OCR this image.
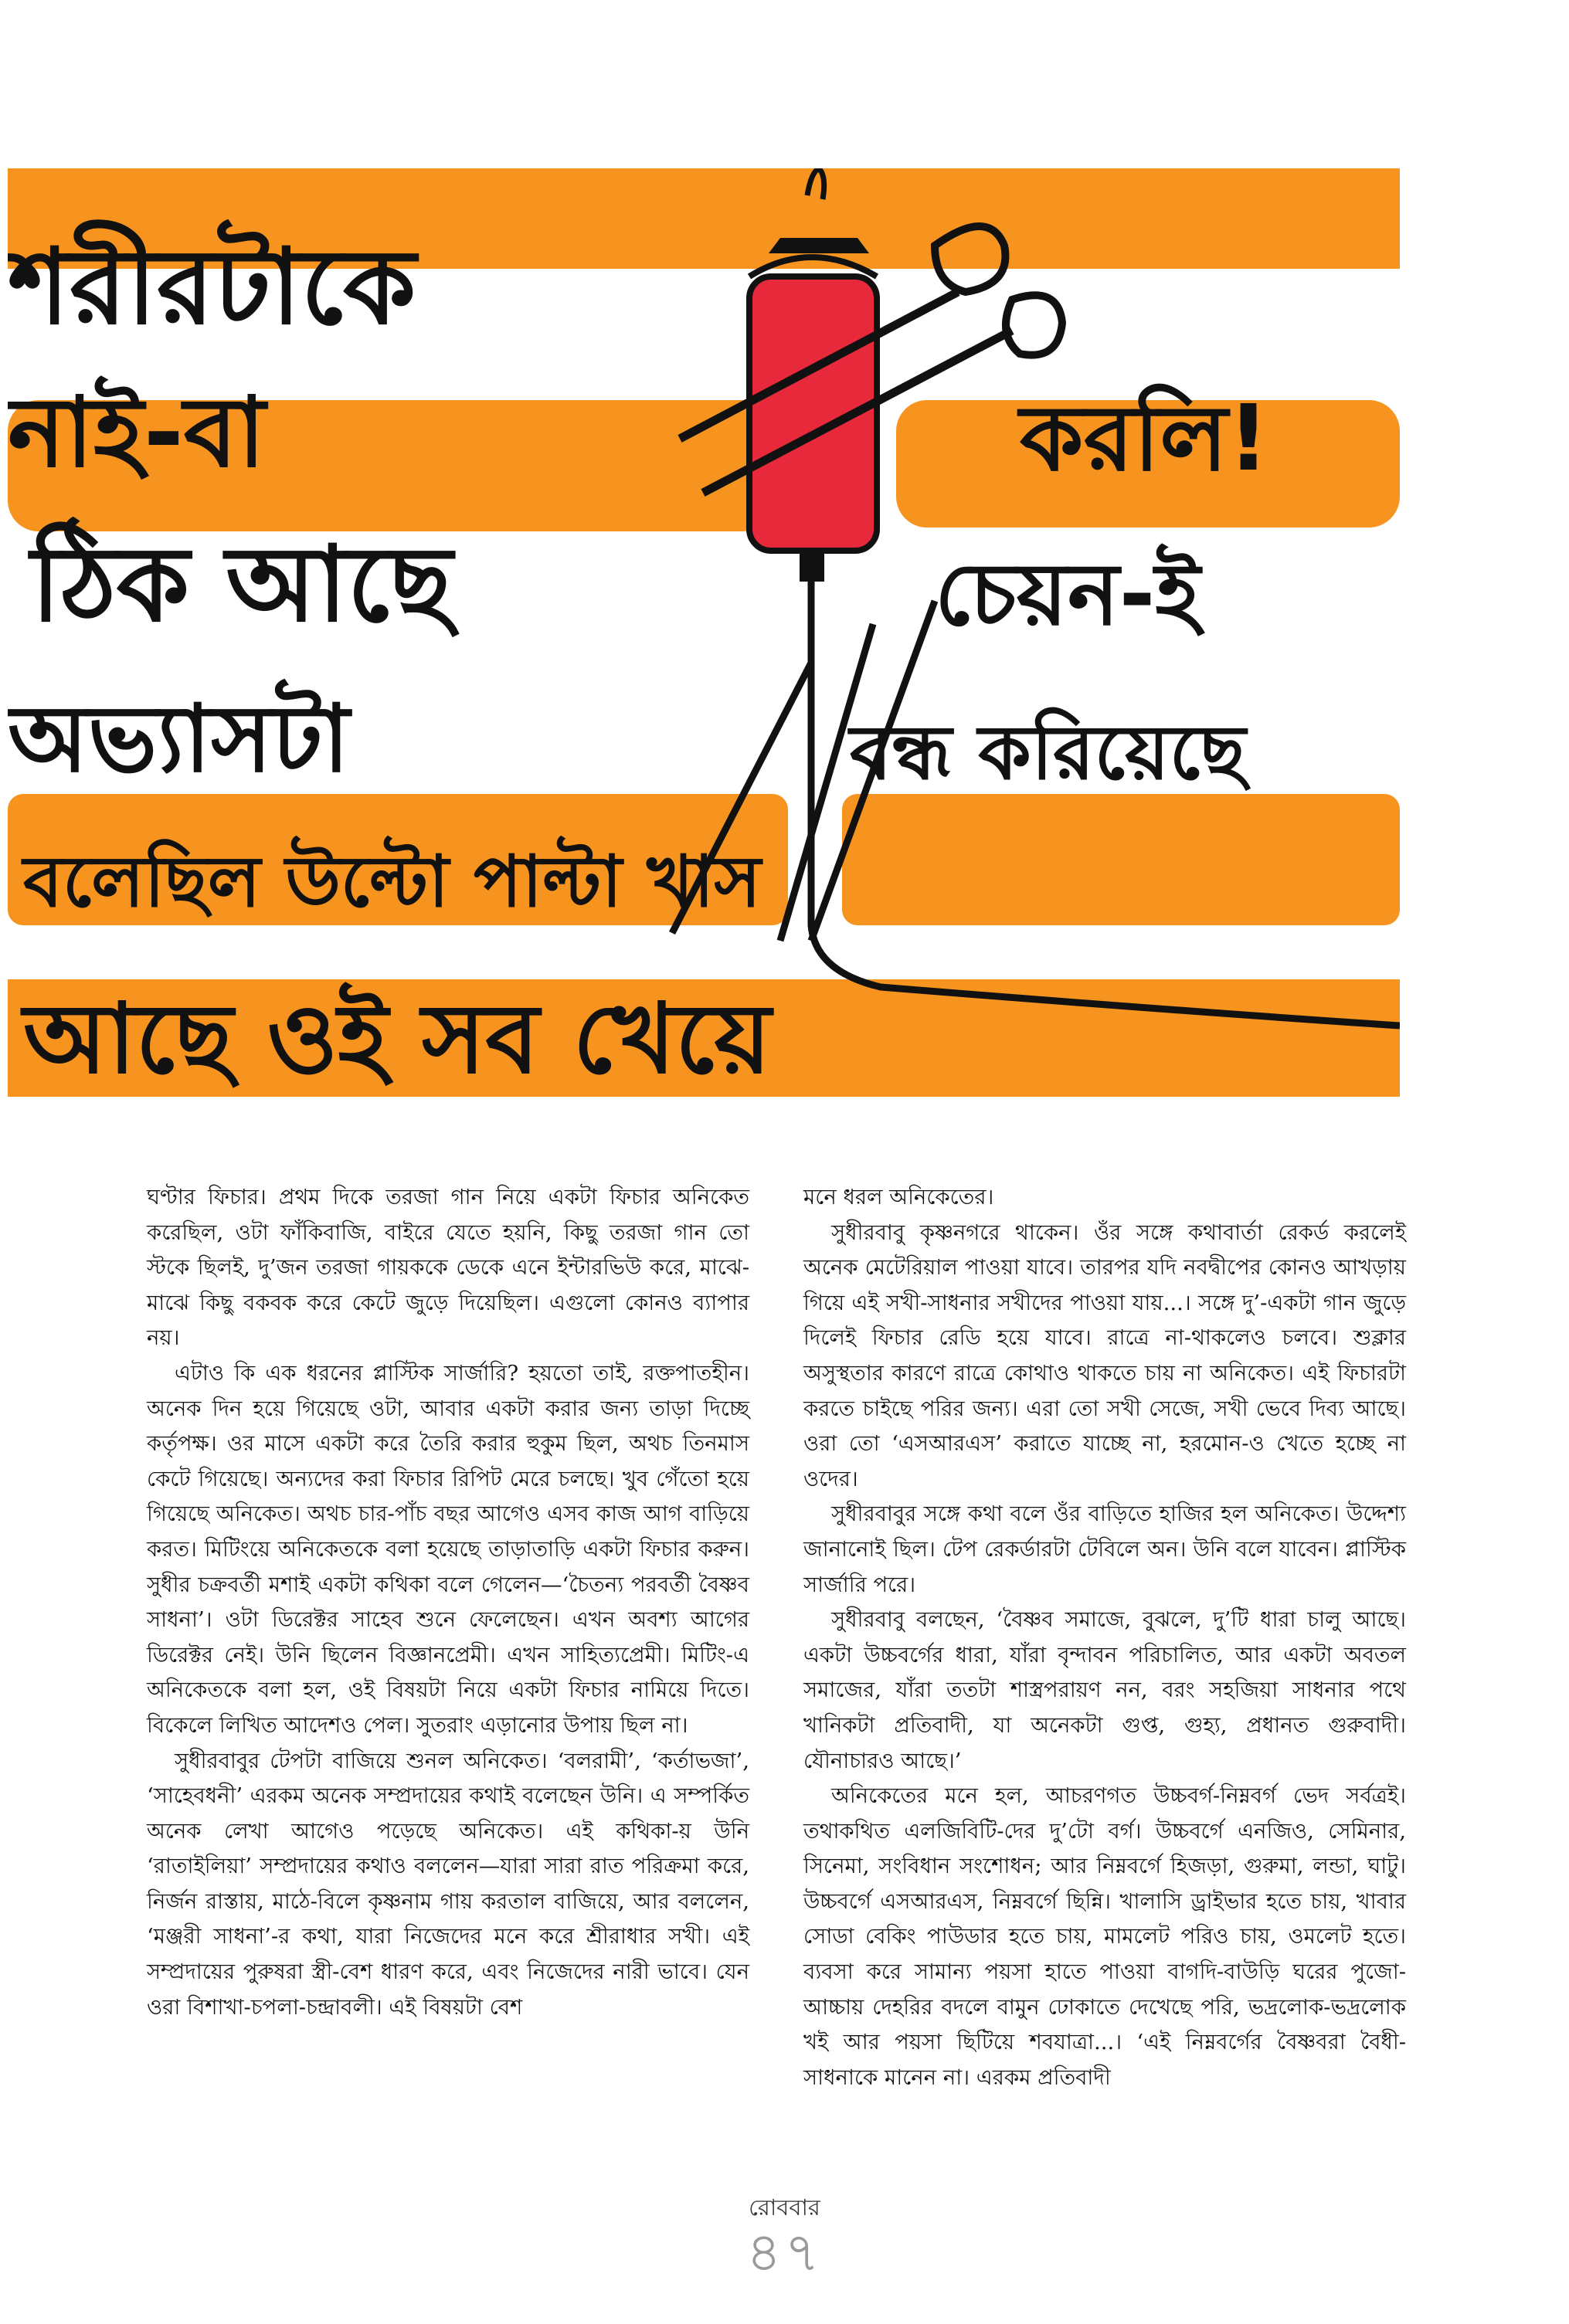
শরীরটাকে
নাই-বা
ঠিক আছে
অভ্যাসটা
বলেছিল উল্টো পাল্টা খাস
আছে ওই সব খেয়ে
করলি!
চেয়ন-ই
বন্ধ করিয়েছে

ঘণ্টার ফিচার। প্রথম দিকে তরজা গান নিয়ে একটা ফিচার অনিকেত করেছিল, ওটা ফাঁকিবাজি, বাইরে যেতে হয়নি, কিছু তরজা গান তো স্টকে ছিলই, দু’জন তরজা গায়ককে ডেকে এনে ইন্টারভিউ করে, মাঝে-মাঝে কিছু বকবক করে কেটে জুড়ে দিয়েছিল। এগুলো কোনও ব্যাপার নয়।

এটাও কি এক ধরনের প্লাস্টিক সার্জারি? হয়তো তাই, রক্তপাতহীন। অনেক দিন হয়ে গিয়েছে ওটা, আবার একটা করার জন্য তাড়া দিচ্ছে কর্তৃপক্ষ। ওর মাসে একটা করে তৈরি করার হুকুম ছিল, অথচ তিনমাস কেটে গিয়েছে। অন্যদের করা ফিচার রিপিট মেরে চলছে। খুব গেঁতো হয়ে গিয়েছে অনিকেত। অথচ চার-পাঁচ বছর আগেও এসব কাজ আগ বাড়িয়ে করত। মিটিংয়ে অনিকেতকে বলা হয়েছে তাড়াতাড়ি একটা ফিচার করুন। সুধীর চক্রবর্তী মশাই একটা কথিকা বলে গেলেন—‘চৈতন্য পরবর্তী বৈষ্ণব সাধনা’। ওটা ডিরেক্টর সাহেব শুনে ফেলেছেন। এখন অবশ্য আগের ডিরেক্টর নেই। উনি ছিলেন বিজ্ঞানপ্রেমী। এখন সাহিত্যপ্রেমী। মিটিং-এ অনিকেতকে বলা হল, ওই বিষয়টা নিয়ে একটা ফিচার নামিয়ে দিতে। বিকেলে লিখিত আদেশও পেল। সুতরাং এড়ানোর উপায় ছিল না।

সুধীরবাবুর টেপটা বাজিয়ে শুনল অনিকেত। ‘বলরামী’, ‘কর্তাভজা’, ‘সাহেবধনী’ এরকম অনেক সম্প্রদায়ের কথাই বলেছেন উনি। এ সম্পর্কিত অনেক লেখা আগেও পড়েছে অনিকেত। এই কথিকা-য় উনি ‘রাতাইলিয়া’ সম্প্রদায়ের কথাও বললেন—যারা সারা রাত পরিক্রমা করে, নির্জন রাস্তায়, মাঠে-বিলে কৃষ্ণনাম গায় করতাল বাজিয়ে, আর বললেন, ‘মঞ্জরী সাধনা’-র কথা, যারা নিজেদের মনে করে শ্রীরাধার সখী। এই সম্প্রদায়ের পুরুষরা স্ত্রী-বেশ ধারণ করে, এবং নিজেদের নারী ভাবে। যেন ওরা বিশাখা-চপলা-চন্দ্রাবলী। এই বিষয়টা বেশ

মনে ধরল অনিকেতের।

সুধীরবাবু কৃষ্ণনগরে থাকেন। ওঁর সঙ্গে কথাবার্তা রেকর্ড করলেই অনেক মেটেরিয়াল পাওয়া যাবে। তারপর যদি নবদ্বীপের কোনও আখড়ায় গিয়ে এই সখী-সাধনার সখীদের পাওয়া যায়...। সঙ্গে দু’-একটা গান জুড়ে দিলেই ফিচার রেডি হয়ে যাবে। রাত্রে না-থাকলেও চলবে। শুক্লার অসুস্থতার কারণে রাত্রে কোথাও থাকতে চায় না অনিকেত। এই ফিচারটা করতে চাইছে পরির জন্য। এরা তো সখী সেজে, সখী ভেবে দিব্য আছে। ওরা তো ‘এসআরএস’ করাতে যাচ্ছে না, হরমোন-ও খেতে হচ্ছে না ওদের।

সুধীরবাবুর সঙ্গে কথা বলে ওঁর বাড়িতে হাজির হল অনিকেত। উদ্দেশ্য জানানোই ছিল। টেপ রেকর্ডারটা টেবিলে অন। উনি বলে যাবেন। প্লাস্টিক সার্জারি পরে।

সুধীরবাবু বলছেন, ‘বৈষ্ণব সমাজে, বুঝলে, দু’টি ধারা চালু আছে। একটা উচ্চবর্গের ধারা, যাঁরা বৃন্দাবন পরিচালিত, আর একটা অবতল সমাজের, যাঁরা ততটা শাস্ত্রপরায়ণ নন, বরং সহজিয়া সাধনার পথে খানিকটা প্রতিবাদী, যা অনেকটা গুপ্ত, গুহ্য, প্রধানত গুরুবাদী। যৌনাচারও আছে।’

অনিকেতের মনে হল, আচরণগত উচ্চবর্গ-নিম্নবর্গ ভেদ সর্বত্রই। তথাকথিত এলজিবিটি-দের দু’টো বর্গ। উচ্চবর্গে এনজিও, সেমিনার, সিনেমা, সংবিধান সংশোধন; আর নিম্নবর্গে হিজড়া, গুরুমা, লন্ডা, ঘাটু। উচ্চবর্গে এসআরএস, নিম্নবর্গে ছিন্নি। খালাসি ড্রাইভার হতে চায়, খাবার সোডা বেকিং পাউডার হতে চায়, মামলেট পরিও চায়, ওমলেট হতে। ব্যবসা করে সামান্য পয়সা হাতে পাওয়া বাগদি-বাউড়ি ঘরের পুজো-আচ্চায় দেহরির বদলে বামুন ঢোকাতে দেখেছে পরি, ভদ্রলোক-ভদ্রলোক খই আর পয়সা ছিটিয়ে শবযাত্রা...। ‘এই নিম্নবর্গের বৈষ্ণবরা বৈধী-সাধনাকে মানেন না। এরকম প্রতিবাদী

রোববার
৪৭
